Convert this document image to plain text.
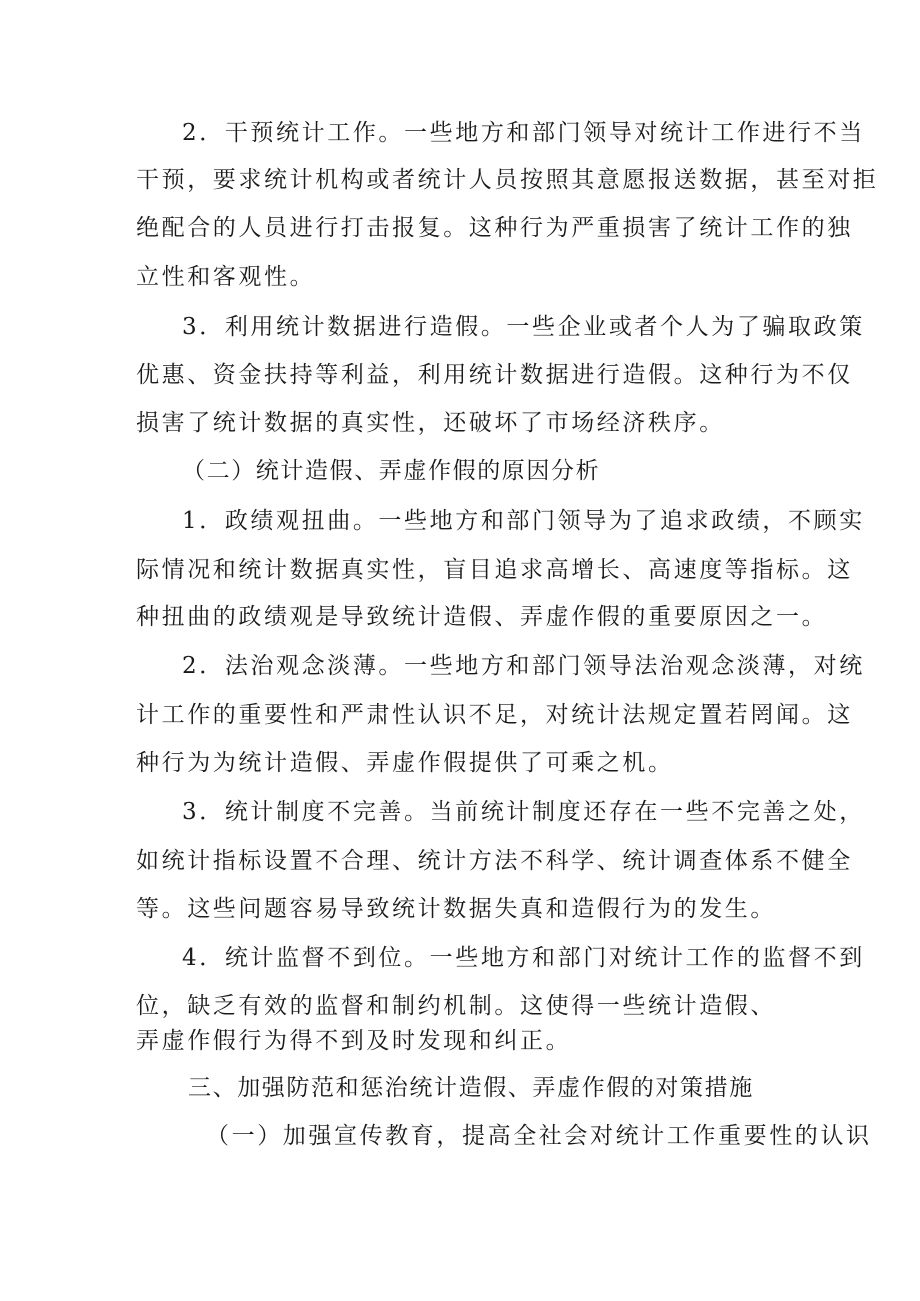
2．干预统计工作。一些地方和部门领导对统计工作进行不当
干预，要求统计机构或者统计人员按照其意愿报送数据，甚至对拒
绝配合的人员进行打击报复。这种行为严重损害了统计工作的独
立性和客观性。
3．利用统计数据进行造假。一些企业或者个人为了骗取政策
优惠、资金扶持等利益，利用统计数据进行造假。这种行为不仅
损害了统计数据的真实性，还破坏了市场经济秩序。
（二）统计造假、弄虚作假的原因分析
1．政绩观扭曲。一些地方和部门领导为了追求政绩，不顾实
际情况和统计数据真实性，盲目追求高增长、高速度等指标。这
种扭曲的政绩观是导致统计造假、弄虚作假的重要原因之一。
2．法治观念淡薄。一些地方和部门领导法治观念淡薄，对统
计工作的重要性和严肃性认识不足，对统计法规定置若罔闻。这
种行为为统计造假、弄虚作假提供了可乘之机。
3．统计制度不完善。当前统计制度还存在一些不完善之处，
如统计指标设置不合理、统计方法不科学、统计调查体系不健全
等。这些问题容易导致统计数据失真和造假行为的发生。
4．统计监督不到位。一些地方和部门对统计工作的监督不到
位，缺乏有效的监督和制约机制。这使得一些统计造假、
弄虚作假行为得不到及时发现和纠正。
三、加强防范和惩治统计造假、弄虚作假的对策措施
（一）加强宣传教育，提高全社会对统计工作重要性的认识
